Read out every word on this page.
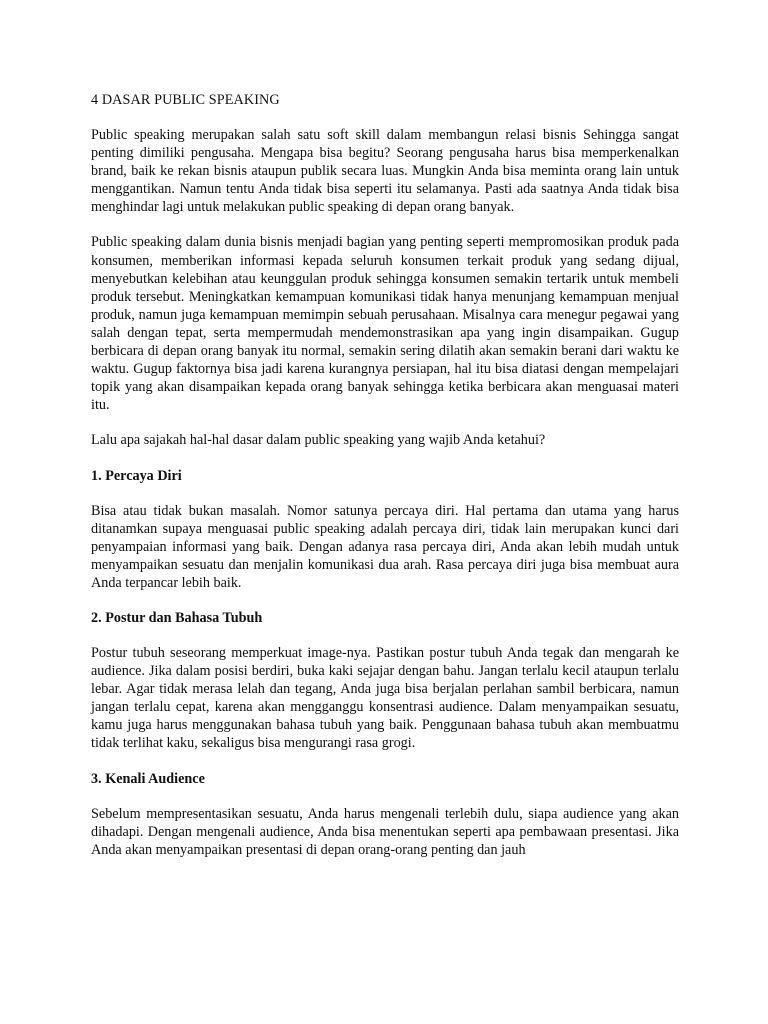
4 DASAR PUBLIC SPEAKING

Public speaking merupakan salah satu soft skill dalam membangun relasi bisnis Sehingga sangat penting dimiliki pengusaha. Mengapa bisa begitu? Seorang pengusaha harus bisa memperkenalkan brand, baik ke rekan bisnis ataupun publik secara luas. Mungkin Anda bisa meminta orang lain untuk menggantikan. Namun tentu Anda tidak bisa seperti itu selamanya. Pasti ada saatnya Anda tidak bisa menghindar lagi untuk melakukan public speaking di depan orang banyak.

Public speaking dalam dunia bisnis menjadi bagian yang penting seperti mempromosikan produk pada konsumen, memberikan informasi kepada seluruh konsumen terkait produk yang sedang dijual, menyebutkan kelebihan atau keunggulan produk sehingga konsumen semakin tertarik untuk membeli produk tersebut. Meningkatkan kemampuan komunikasi tidak hanya menunjang kemampuan menjual produk, namun juga kemampuan memimpin sebuah perusahaan. Misalnya cara menegur pegawai yang salah dengan tepat, serta mempermudah mendemonstrasikan apa yang ingin disampaikan. Gugup berbicara di depan orang banyak itu normal, semakin sering dilatih akan semakin berani dari waktu ke waktu. Gugup faktornya bisa jadi karena kurangnya persiapan, hal itu bisa diatasi dengan mempelajari topik yang akan disampaikan kepada orang banyak sehingga ketika berbicara akan menguasai materi itu.

Lalu apa sajakah hal-hal dasar dalam public speaking yang wajib Anda ketahui?

1. Percaya Diri

Bisa atau tidak bukan masalah. Nomor satunya percaya diri. Hal pertama dan utama yang harus ditanamkan supaya menguasai public speaking adalah percaya diri, tidak lain merupakan kunci dari penyampaian informasi yang baik. Dengan adanya rasa percaya diri, Anda akan lebih mudah untuk menyampaikan sesuatu dan menjalin komunikasi dua arah. Rasa percaya diri juga bisa membuat aura Anda terpancar lebih baik.

2. Postur dan Bahasa Tubuh

Postur tubuh seseorang memperkuat image-nya. Pastikan postur tubuh Anda tegak dan mengarah ke audience. Jika dalam posisi berdiri, buka kaki sejajar dengan bahu. Jangan terlalu kecil ataupun terlalu lebar. Agar tidak merasa lelah dan tegang, Anda juga bisa berjalan perlahan sambil berbicara, namun jangan terlalu cepat, karena akan mengganggu konsentrasi audience. Dalam menyampaikan sesuatu, kamu juga harus menggunakan bahasa tubuh yang baik. Penggunaan bahasa tubuh akan membuatmu tidak terlihat kaku, sekaligus bisa mengurangi rasa grogi.

3. Kenali Audience

Sebelum mempresentasikan sesuatu, Anda harus mengenali terlebih dulu, siapa audience yang akan dihadapi. Dengan mengenali audience, Anda bisa menentukan seperti apa pembawaan presentasi. Jika Anda akan menyampaikan presentasi di depan orang-orang penting dan jauh
